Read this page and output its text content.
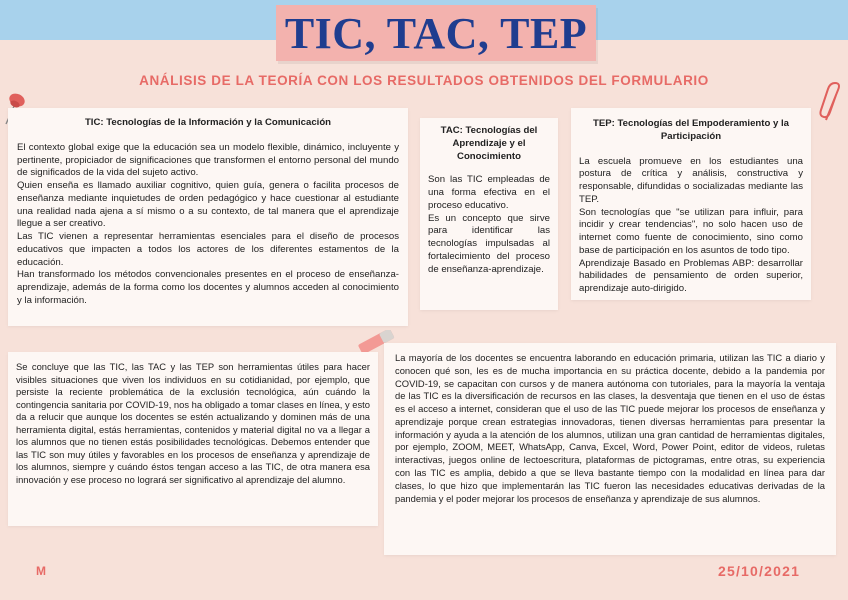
TIC, TAC, TEP
ANÁLISIS DE LA TEORÍA CON LOS RESULTADOS OBTENIDOS DEL FORMULARIO
TIC: Tecnologías de la Información y la Comunicación

El contexto global exige que la educación sea un modelo flexible, dinámico, incluyente y pertinente, propiciador de significaciones que transformen el entorno personal del mundo de significados de la vida del sujeto activo.
Quien enseña es llamado auxiliar cognitivo, quien guía, genera o facilita procesos de enseñanza mediante inquietudes de orden pedagógico y hace cuestionar al estudiante una realidad nada ajena a sí mismo o a su contexto, de tal manera que el aprendizaje llegue a ser creativo.
Las TIC vienen a representar herramientas esenciales para el diseño de procesos educativos que impacten a todos los actores de los diferentes estamentos de la educación.
Han transformado los métodos convencionales presentes en el proceso de enseñanza-aprendizaje, además de la forma como los docentes y alumnos acceden al conocimiento y la información.

TAC: Tecnologías del Aprendizaje y el Conocimiento

Son las TIC empleadas de una forma efectiva en el proceso educativo.
Es un concepto que sirve para identificar las tecnologías impulsadas al fortalecimiento del proceso de enseñanza-aprendizaje.

TEP: Tecnologías del Empoderamiento y la Participación

La escuela promueve en los estudiantes una postura de crítica y análisis, constructiva y responsable, difundidas o socializadas mediante las TEP.
Son tecnologías que "se utilizan para influir, para incidir y crear tendencias", no solo hacen uso de internet como fuente de conocimiento, sino como base de participación en los asuntos de todo tipo.
Aprendizaje Basado en Problemas ABP: desarrollar habilidades de pensamiento de orden superior, aprendizaje auto-dirigido.

Se concluye que las TIC, las TAC y las TEP son herramientas útiles para hacer visibles situaciones que viven los individuos en su cotidianidad, por ejemplo, que persiste la reciente problemática de la exclusión tecnológica, aún cuándo la contingencia sanitaria por COVID-19, nos ha obligado a tomar clases en línea, y esto da a relucir que aunque los docentes se estén actualizando y dominen más de una herramienta digital, estás herramientas, contenidos y material digital no va a llegar a los alumnos que no tienen estás posibilidades tecnológicas. Debemos entender que las TIC son muy útiles y favorables en los procesos de enseñanza y aprendizaje de los alumnos, siempre y cuándo éstos tengan acceso a las TIC, de otra manera esa innovación y ese proceso no logrará ser significativo al aprendizaje del alumno.

La mayoría de los docentes se encuentra laborando en educación primaria, utilizan las TIC a diario y conocen qué son, les es de mucha importancia en su práctica docente, debido a la pandemia por COVID-19, se capacitan con cursos y de manera autónoma con tutoriales, para la mayoría la ventaja de las TIC es la diversificación de recursos en las clases, la desventaja que tienen en el uso de éstas es el acceso a internet, consideran que el uso de las TIC puede mejorar los procesos de enseñanza y aprendizaje porque crean estrategias innovadoras, tienen diversas herramientas para presentar la información y ayuda a la atención de los alumnos, utilizan una gran cantidad de herramientas digitales, por ejemplo, ZOOM, MEET, WhatsApp, Canva, Excel, Word, Power Point, editor de videos, ruletas interactivas, juegos online de lectoescritura, plataformas de pictogramas, entre otras, su experiencia con las TIC es amplia, debido a que se lleva bastante tiempo con la modalidad en línea para dar clases, lo que hizo que implementarán las TIC fueron las necesidades educativas derivadas de la pandemia y el poder mejorar los procesos de enseñanza y aprendizaje de sus alumnos.

M	25/10/2021
